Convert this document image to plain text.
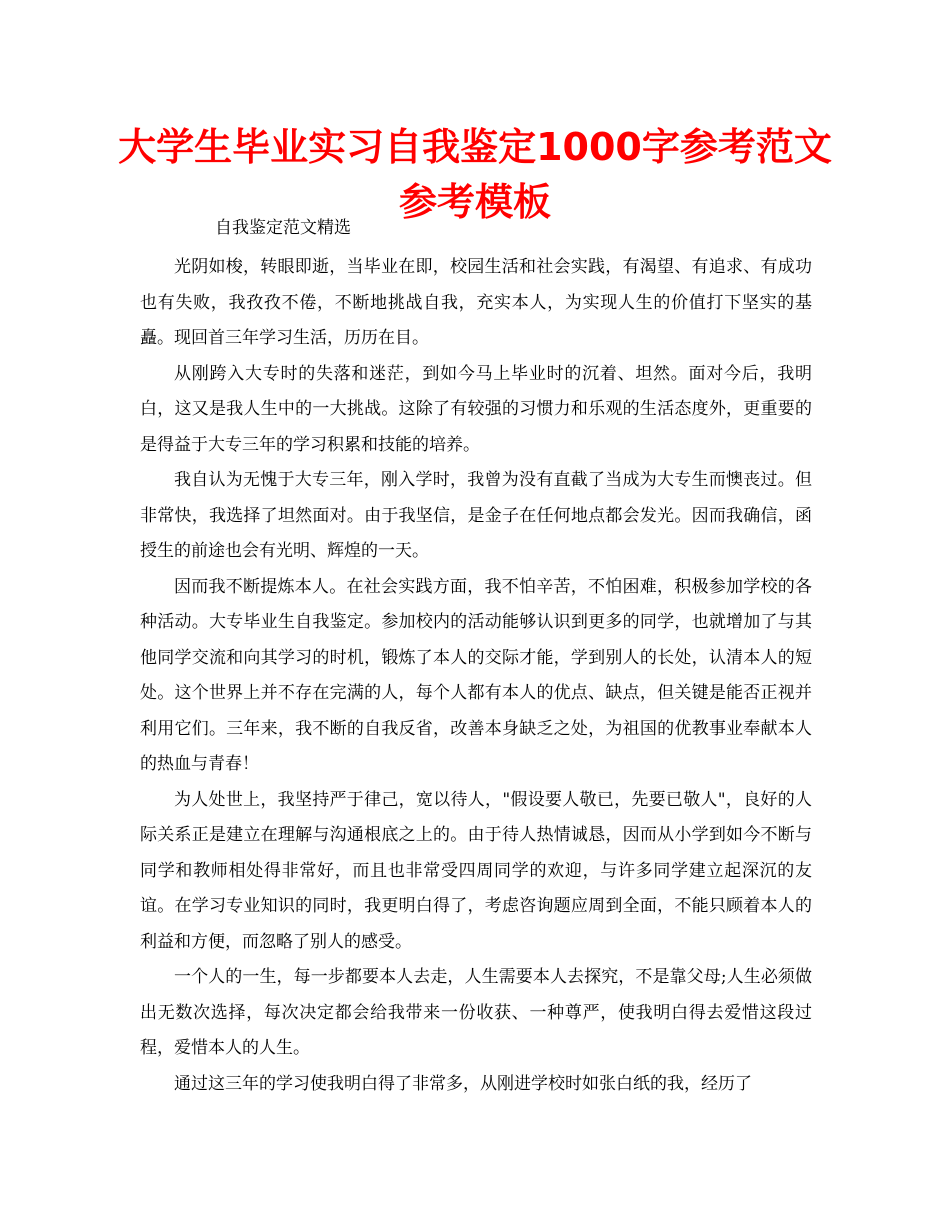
大学生毕业实习自我鉴定1000字参考范文
参考模板
自我鉴定范文精选

光阴如梭，转眼即逝，当毕业在即，校园生活和社会实践，有渴望、有追求、有成功也有失败，我孜孜不倦，不断地挑战自我，充实本人，为实现人生的价值打下坚实的基矗。现回首三年学习生活，历历在目。

从刚跨入大专时的失落和迷茫，到如今马上毕业时的沉着、坦然。面对今后，我明白，这又是我人生中的一大挑战。这除了有较强的习惯力和乐观的生活态度外，更重要的是得益于大专三年的学习积累和技能的培养。

我自认为无愧于大专三年，刚入学时，我曾为没有直截了当成为大专生而懊丧过。但非常快，我选择了坦然面对。由于我坚信，是金子在任何地点都会发光。因而我确信，函授生的前途也会有光明、辉煌的一天。

因而我不断提炼本人。在社会实践方面，我不怕辛苦，不怕困难，积极参加学校的各种活动。大专毕业生自我鉴定。参加校内的活动能够认识到更多的同学，也就增加了与其他同学交流和向其学习的时机，锻炼了本人的交际才能，学到别人的长处，认清本人的短处。这个世界上并不存在完满的人，每个人都有本人的优点、缺点，但关键是能否正视并利用它们。三年来，我不断的自我反省，改善本身缺乏之处，为祖国的优教事业奉献本人的热血与青春！

为人处世上，我坚持严于律己，宽以待人，"假设要人敬已，先要已敬人"，良好的人际关系正是建立在理解与沟通根底之上的。由于待人热情诚恳，因而从小学到如今不断与同学和教师相处得非常好，而且也非常受四周同学的欢迎，与许多同学建立起深沉的友谊。在学习专业知识的同时，我更明白得了，考虑咨询题应周到全面，不能只顾着本人的利益和方便，而忽略了别人的感受。

一个人的一生，每一步都要本人去走，人生需要本人去探究，不是靠父母;人生必须做出无数次选择，每次决定都会给我带来一份收获、一种尊严，使我明白得去爱惜这段过程，爱惜本人的人生。

通过这三年的学习使我明白得了非常多，从刚进学校时如张白纸的我，经历了
